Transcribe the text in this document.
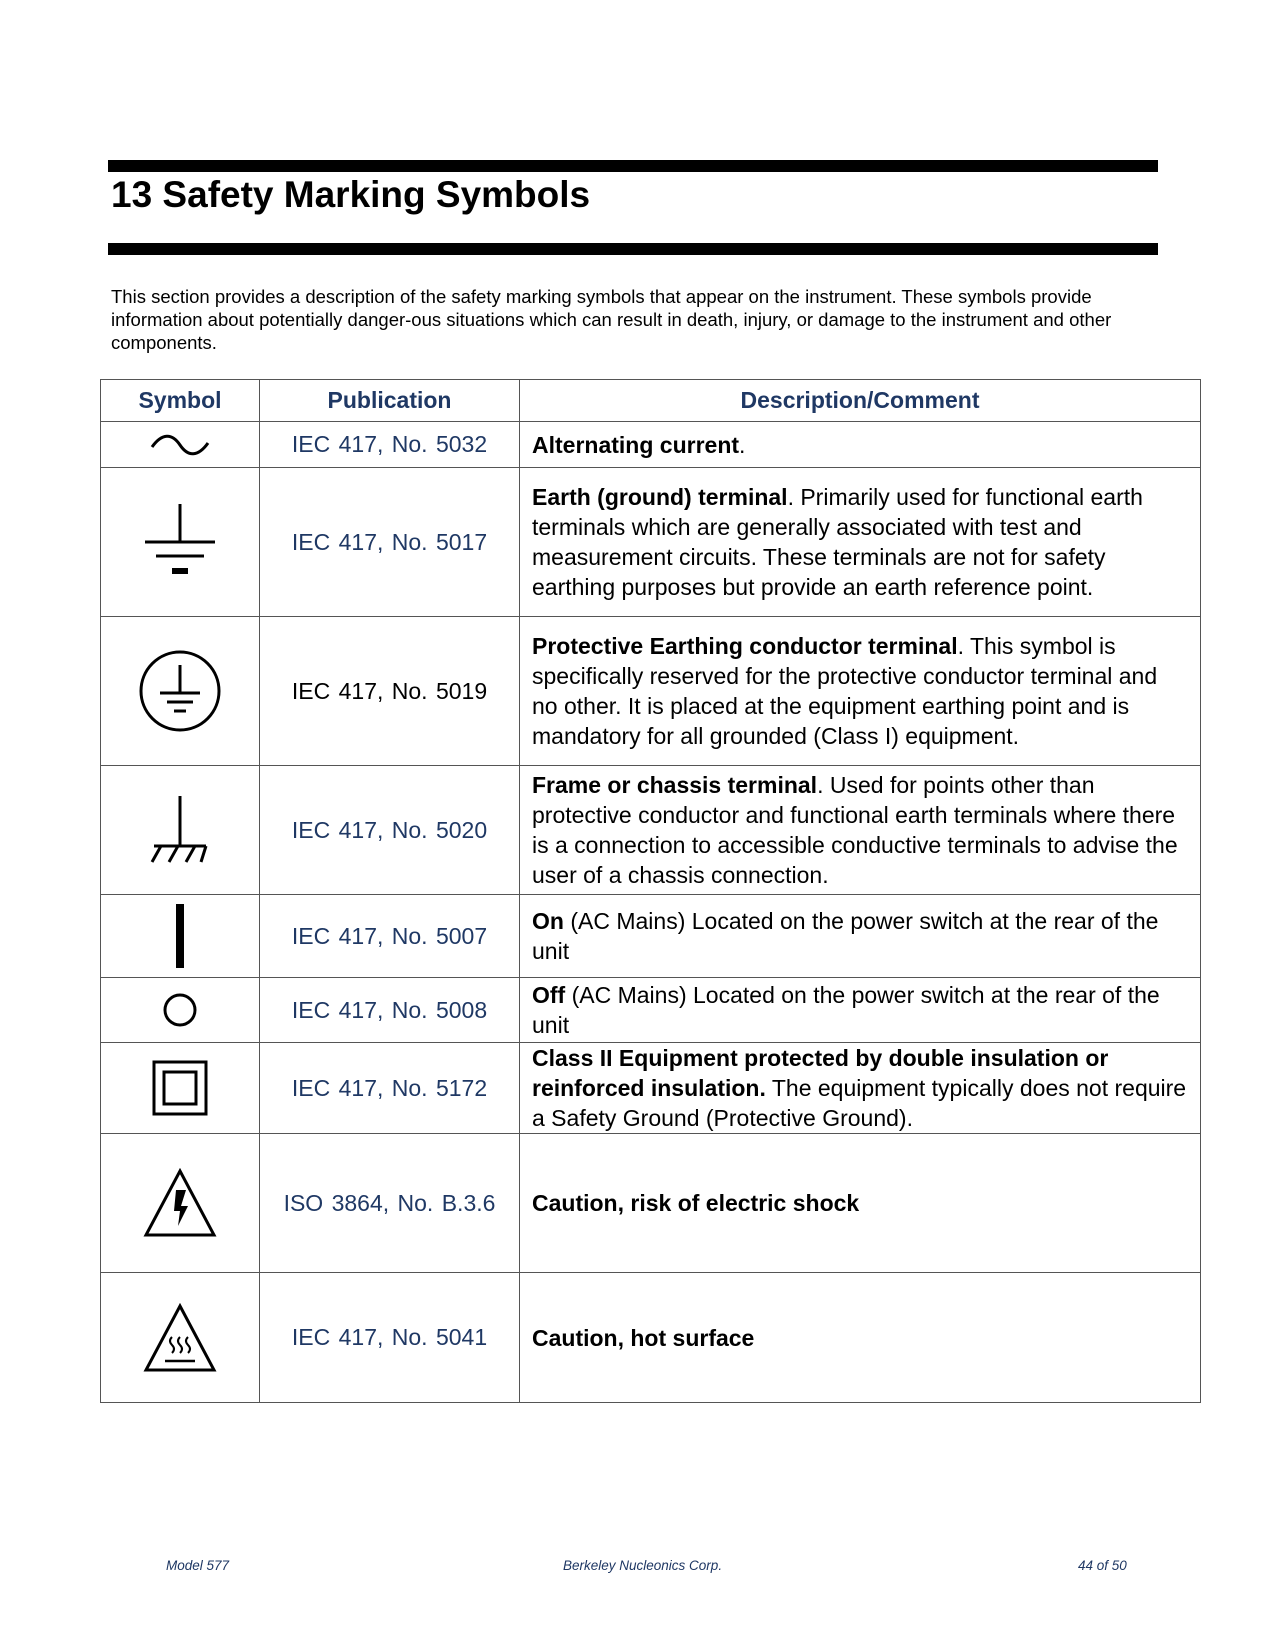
13 Safety Marking Symbols

This section provides a description of the safety marking symbols that appear on the instrument. These symbols provide information about potentially danger-ous situations which can result in death, injury, or damage to the instrument and other components.

Symbol	Publication	Description/Comment

	IEC 417, No. 5032	Alternating current.

	IEC 417, No. 5017	Earth (ground) terminal. Primarily used for functional earth terminals which are generally associated with test and measurement circuits. These terminals are not for safety earthing purposes but provide an earth reference point.

	IEC 417, No. 5019	Protective Earthing conductor terminal. This symbol is specifically reserved for the protective conductor terminal and no other. It is placed at the equipment earthing point and is mandatory for all grounded (Class I) equipment.

	IEC 417, No. 5020	Frame or chassis terminal. Used for points other than protective conductor and functional earth terminals where there is a connection to accessible conductive terminals to advise the user of a chassis connection.

	IEC 417, No. 5007	On (AC Mains) Located on the power switch at the rear of the unit

	IEC 417, No. 5008	Off (AC Mains) Located on the power switch at the rear of the unit

	IEC 417, No. 5172	Class II Equipment protected by double insulation or reinforced insulation. The equipment typically does not require a Safety Ground (Protective Ground).

	ISO 3864, No. B.3.6	Caution, risk of electric shock

	IEC 417, No. 5041	Caution, hot surface
Model 577	Berkeley Nucleonics Corp.	44 of 50
